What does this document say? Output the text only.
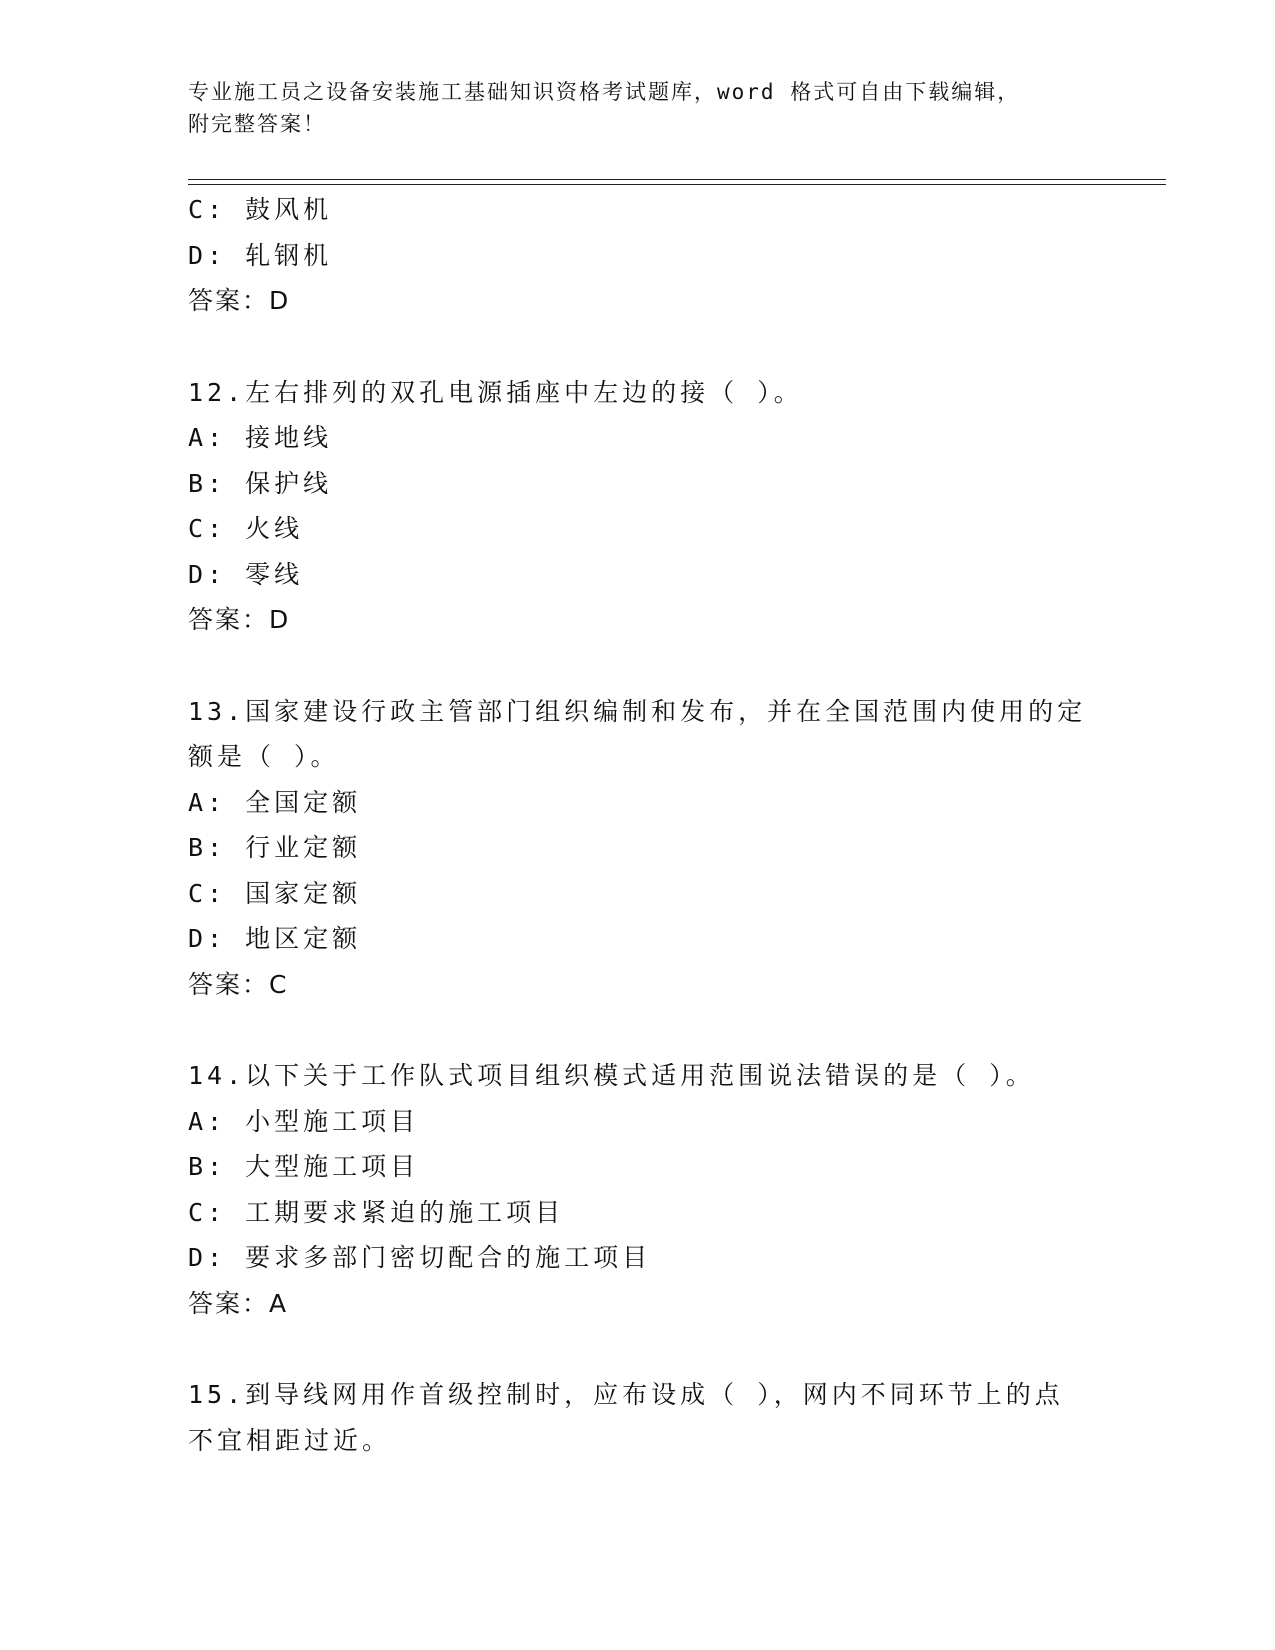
专业施工员之设备安装施工基础知识资格考试题库，word 格式可自由下载编辑，
附完整答案！
C: 鼓风机
D: 轧钢机
答案：D
12.左右排列的双孔电源插座中左边的接（ ）。
A: 接地线
B: 保护线
C: 火线
D: 零线
答案：D
13.国家建设行政主管部门组织编制和发布，并在全国范围内使用的定
额是（ ）。
A: 全国定额
B: 行业定额
C: 国家定额
D: 地区定额
答案：C
14.以下关于工作队式项目组织模式适用范围说法错误的是（ ）。
A: 小型施工项目
B: 大型施工项目
C: 工期要求紧迫的施工项目
D: 要求多部门密切配合的施工项目
答案：A
15.到导线网用作首级控制时，应布设成（ ），网内不同环节上的点
不宜相距过近。
